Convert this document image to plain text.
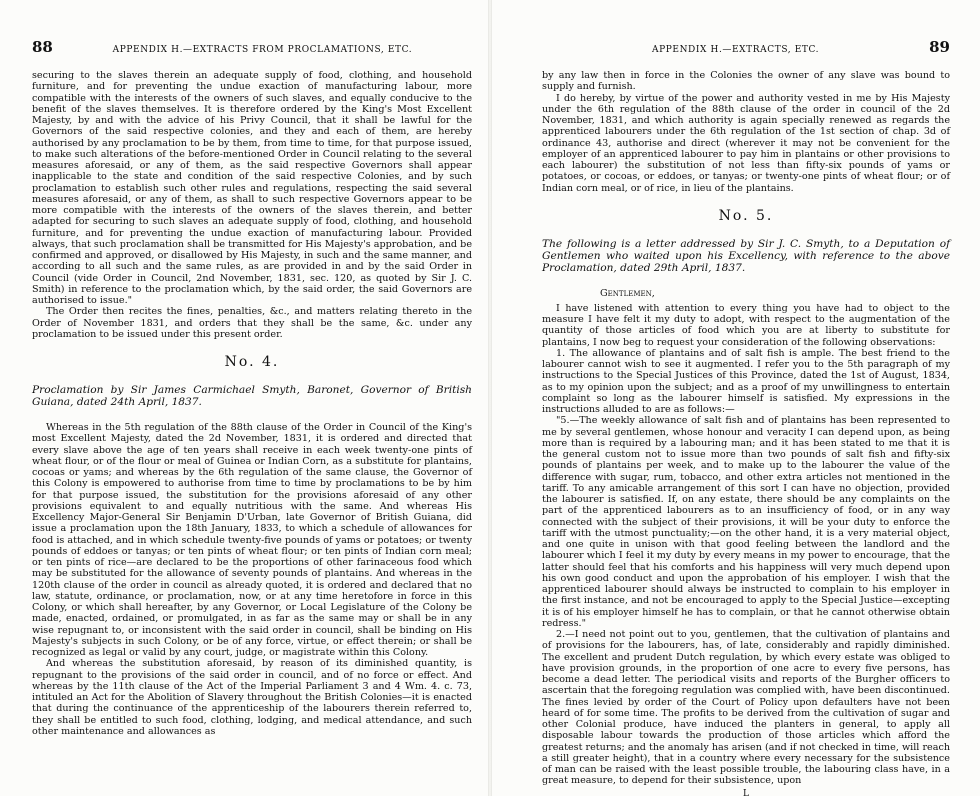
88	APPENDIX H.—EXTRACTS FROM PROCLAMATIONS, ETC.

securing to the slaves therein an adequate supply of food, clothing, and household furniture, and for preventing the undue exaction of manufacturing labour, more compatible with the interests of the owners of such slaves, and equally conducive to the benefit of the slaves themselves. It is therefore ordered by the King's Most Excellent Majesty, by and with the advice of his Privy Council, that it shall be lawful for the Governors of the said respective colonies, and they and each of them, are hereby authorised by any proclamation to be by them, from time to time, for that purpose issued, to make such alterations of the before-mentioned Order in Council relating to the several measures aforesaid, or any of them, as the said respective Governors shall appear inapplicable to the state and condition of the said respective Colonies, and by such proclamation to establish such other rules and regulations, respecting the said several measures aforesaid, or any of them, as shall to such respective Governors appear to be more compatible with the interests of the owners of the slaves therein, and better adapted for securing to such slaves an adequate supply of food, clothing, and household furniture, and for preventing the undue exaction of manufacturing labour. Provided always, that such proclamation shall be transmitted for His Majesty's approbation, and be confirmed and approved, or disallowed by His Majesty, in such and the same manner, and according to all such and the same rules, as are provided in and by the said Order in Council (vide Order in Council, 2nd November, 1831, sec. 120, as quoted by Sir J. C. Smith) in reference to the proclamation which, by the said order, the said Governors are authorised to issue."

The Order then recites the fines, penalties, &c., and matters relating thereto in the Order of November 1831, and orders that they shall be the same, &c. under any proclamation to be issued under this present order.

No. 4.

Proclamation by Sir James Carmichael Smyth, Baronet, Governor of British Guiana, dated 24th April, 1837.

Whereas in the 5th regulation of the 88th clause of the Order in Council of the King's most Excellent Majesty, dated the 2d November, 1831, it is ordered and directed that every slave above the age of ten years shall receive in each week twenty-one pints of wheat flour, or of the flour or meal of Guinea or Indian Corn, as a substitute for plantains, cocoas or yams; and whereas by the 6th regulation of the same clause, the Governor of this Colony is empowered to authorise from time to time by proclamations to be by him for that purpose issued, the substitution for the provisions aforesaid of any other provisions equivalent to and equally nutritious with the same. And whereas His Excellency Major-General Sir Benjamin D'Urban, late Governor of British Guiana, did issue a proclamation upon the 18th January, 1833, to which a schedule of allowances for food is attached, and in which schedule twenty-five pounds of yams or potatoes; or twenty pounds of eddoes or tanyas; or ten pints of wheat flour; or ten pints of Indian corn meal; or ten pints of rice—are declared to be the proportions of other farinaceous food which may be substituted for the allowance of seventy pounds of plantains. And whereas in the 120th clause of the order in council as already quoted, it is ordered and declared that no law, statute, ordinance, or proclamation, now, or at any time heretofore in force in this Colony, or which shall hereafter, by any Governor, or Local Legislature of the Colony be made, enacted, ordained, or promulgated, in as far as the same may or shall be in any wise repugnant to, or inconsistent with the said order in council, shall be binding on His Majesty's subjects in such Colony, or be of any force, virtue, or effect therein; or shall be recognized as legal or valid by any court, judge, or magistrate within this Colony.

And whereas the substitution aforesaid, by reason of its diminished quantity, is repugnant to the provisions of the said order in council, and of no force or effect. And whereas by the 11th clause of the Act of the Imperial Parliament 3 and 4 Wm. 4. c. 73, intituled an Act for the Abolition of Slavery throughout the British Colonies—it is enacted that during the continuance of the apprenticeship of the labourers therein referred to, they shall be entitled to such food, clothing, lodging, and medical attendance, and such other maintenance and allowances as

APPENDIX H.—EXTRACTS, ETC.	89

by any law then in force in the Colonies the owner of any slave was bound to supply and furnish.

I do hereby, by virtue of the power and authority vested in me by His Majesty under the 6th regulation of the 88th clause of the order in council of the 2d November, 1831, and which authority is again specially renewed as regards the apprenticed labourers under the 6th regulation of the 1st section of chap. 3d of ordinance 43, authorise and direct (wherever it may not be convenient for the employer of an apprenticed labourer to pay him in plantains or other provisions to each labourer) the substitution of not less than fifty-six pounds of yams or potatoes, or cocoas, or eddoes, or tanyas; or twenty-one pints of wheat flour; or of Indian corn meal, or of rice, in lieu of the plantains.

No. 5.

The following is a letter addressed by Sir J. C. Smyth, to a Deputation of Gentlemen who waited upon his Excellency, with reference to the above Proclamation, dated 29th April, 1837.

Gentlemen,

I have listened with attention to every thing you have had to object to the measure I have felt it my duty to adopt, with respect to the augmentation of the quantity of those articles of food which you are at liberty to substitute for plantains, I now beg to request your consideration of the following observations:

1. The allowance of plantains and of salt fish is ample. The best friend to the labourer cannot wish to see it augmented. I refer you to the 5th paragraph of my instructions to the Special Justices of this Province, dated the 1st of August, 1834, as to my opinion upon the subject; and as a proof of my unwillingness to entertain complaint so long as the labourer himself is satisfied. My expressions in the instructions alluded to are as follows:—

"5.—The weekly allowance of salt fish and of plantains has been represented to me by several gentlemen, whose honour and veracity I can depend upon, as being more than is required by a labouring man; and it has been stated to me that it is the general custom not to issue more than two pounds of salt fish and fifty-six pounds of plantains per week, and to make up to the labourer the value of the difference with sugar, rum, tobacco, and other extra articles not mentioned in the tariff. To any amicable arrangement of this sort I can have no objection, provided the labourer is satisfied. If, on any estate, there should be any complaints on the part of the apprenticed labourers as to an insufficiency of food, or in any way connected with the subject of their provisions, it will be your duty to enforce the tariff with the utmost punctuality;—on the other hand, it is a very material object, and one quite in unison with that good feeling between the landlord and the labourer which I feel it my duty by every means in my power to encourage, that the latter should feel that his comforts and his happiness will very much depend upon his own good conduct and upon the approbation of his employer. I wish that the apprenticed labourer should always be instructed to complain to his employer in the first instance, and not be encouraged to apply to the Special Justice—excepting it is of his employer himself he has to complain, or that he cannot otherwise obtain redress."

2.—I need not point out to you, gentlemen, that the cultivation of plantains and of provisions for the labourers, has, of late, considerably and rapidly diminished. The excellent and prudent Dutch regulation, by which every estate was obliged to have provision grounds, in the proportion of one acre to every five persons, has become a dead letter. The periodical visits and reports of the Burgher officers to ascertain that the foregoing regulation was complied with, have been discontinued. The fines levied by order of the Court of Policy upon defaulters have not been heard of for some time. The profits to be derived from the cultivation of sugar and other Colonial produce, have induced the planters in general, to apply all disposable labour towards the production of those articles which afford the greatest returns; and the anomaly has arisen (and if not checked in time, will reach a still greater height), that in a country where every necessary for the subsistence of man can be raised with the least possible trouble, the labouring class have, in a great measure, to depend for their subsistence, upon

L
